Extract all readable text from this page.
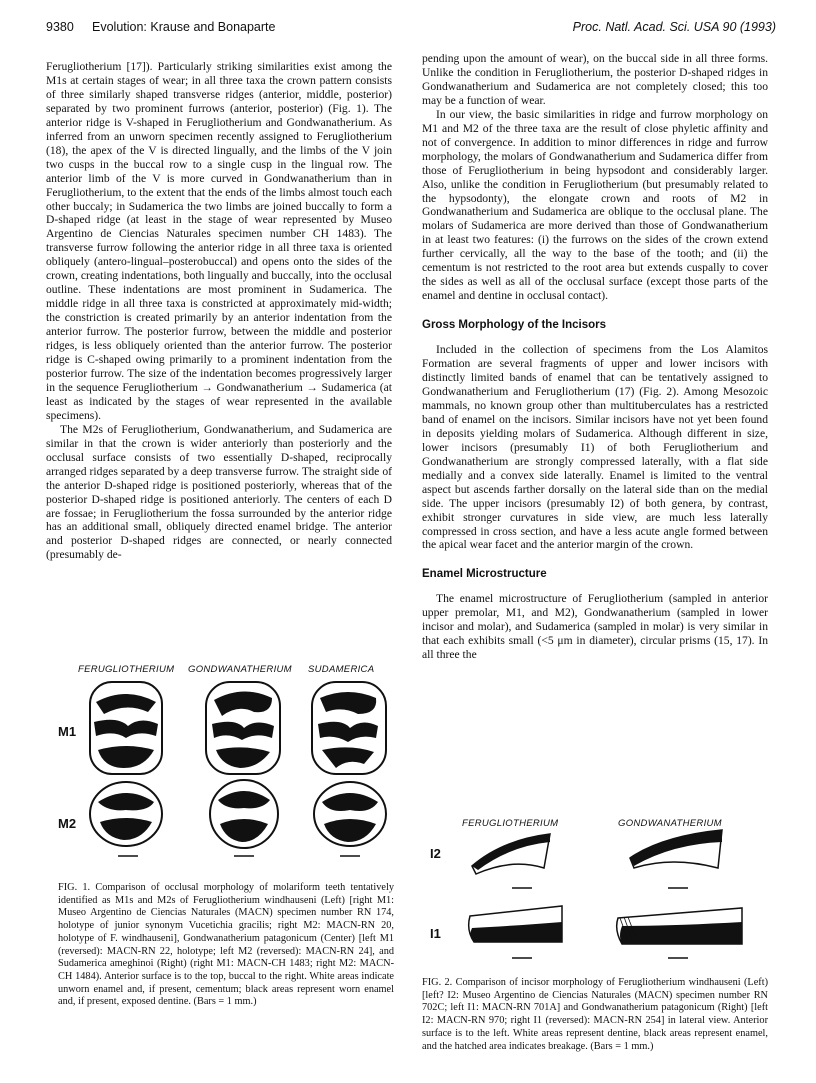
9380 Evolution: Krause and Bonaparte	Proc. Natl. Acad. Sci. USA 90 (1993)

Ferugliotherium [17]). Particularly striking similarities exist among the M1s at certain stages of wear; in all three taxa the crown pattern consists of three similarly shaped transverse ridges (anterior, middle, posterior) separated by two prominent furrows (anterior, posterior) (Fig. 1). The anterior ridge is V-shaped in Ferugliotherium and Gondwanatherium. As inferred from an unworn specimen recently assigned to Ferugliotherium (18), the apex of the V is directed lingually, and the limbs of the V join two cusps in the buccal row to a single cusp in the lingual row. The anterior limb of the V is more curved in Gondwanatherium than in Ferugliotherium, to the extent that the ends of the limbs almost touch each other buccaly; in Sudamerica the two limbs are joined buccally to form a D-shaped ridge (at least in the stage of wear represented by Museo Argentino de Ciencias Naturales specimen number CH 1483). The transverse furrow following the anterior ridge in all three taxa is oriented obliquely (antero-lingual–posterobuccal) and opens onto the sides of the crown, creating indentations, both lingually and buccally, into the occlusal outline. These indentations are most prominent in Sudamerica. The middle ridge in all three taxa is constricted at approximately mid-width; the constriction is created primarily by an anterior indentation from the anterior furrow. The posterior furrow, between the middle and posterior ridges, is less obliquely oriented than the anterior furrow. The posterior ridge is C-shaped owing primarily to a prominent indentation from the posterior furrow. The size of the indentation becomes progressively larger in the sequence Ferugliotherium → Gondwanatherium → Sudamerica (at least as indicated by the stages of wear represented in the available specimens).

The M2s of Ferugliotherium, Gondwanatherium, and Sudamerica are similar in that the crown is wider anteriorly than posteriorly and the occlusal surface consists of two essentially D-shaped, reciprocally arranged ridges separated by a deep transverse furrow. The straight side of the anterior D-shaped ridge is positioned posteriorly, whereas that of the posterior D-shaped ridge is positioned anteriorly. The centers of each D are fossae; in Ferugliotherium the fossa surrounded by the anterior ridge has an additional small, obliquely directed enamel bridge. The anterior and posterior D-shaped ridges are connected, or nearly connected (presumably de-

pending upon the amount of wear), on the buccal side in all three forms. Unlike the condition in Ferugliotherium, the posterior D-shaped ridges in Gondwanatherium and Sudamerica are not completely closed; this too may be a function of wear.

In our view, the basic similarities in ridge and furrow morphology on M1 and M2 of the three taxa are the result of close phyletic affinity and not of convergence. In addition to minor differences in ridge and furrow morphology, the molars of Gondwanatherium and Sudamerica differ from those of Ferugliotherium in being hypsodont and considerably larger. Also, unlike the condition in Ferugliotherium (but presumably related to the hypsodonty), the elongate crown and roots of M2 in Gondwanatherium and Sudamerica are oblique to the occlusal plane. The molars of Sudamerica are more derived than those of Gondwanatherium in at least two features: (i) the furrows on the sides of the crown extend further cervically, all the way to the base of the tooth; and (ii) the cementum is not restricted to the root area but extends cuspally to cover the sides as well as all of the occlusal surface (except those parts of the enamel and dentine in occlusal contact).

Gross Morphology of the Incisors

Included in the collection of specimens from the Los Alamitos Formation are several fragments of upper and lower incisors with distinctly limited bands of enamel that can be tentatively assigned to Gondwanatherium and Ferugliotherium (17) (Fig. 2). Among Mesozoic mammals, no known group other than multituberculates has a restricted band of enamel on the incisors. Similar incisors have not yet been found in deposits yielding molars of Sudamerica. Although different in size, lower incisors (presumably I1) of both Ferugliotherium and Gondwanatherium are strongly compressed laterally, with a flat side medially and a convex side laterally. Enamel is limited to the ventral aspect but ascends farther dorsally on the lateral side than on the medial side. The upper incisors (presumably I2) of both genera, by contrast, exhibit stronger curvatures in side view, are much less laterally compressed in cross section, and have a less acute angle formed between the apical wear facet and the anterior margin of the crown.

Enamel Microstructure

The enamel microstructure of Ferugliotherium (sampled in anterior upper premolar, M1, and M2), Gondwanatherium (sampled in lower incisor and molar), and Sudamerica (sampled in molar) is very similar in that each exhibits small (<5 μm in diameter), circular prisms (15, 17). In all three the

FERUGLIOTHERIUM GONDWANATHERIUM SUDAMERICA
M1
M2
FIG. 1. Comparison of occlusal morphology of molariform teeth tentatively identified as M1s and M2s of Ferugliotherium windhauseni (Left) [right M1: Museo Argentino de Ciencias Naturales (MACN) specimen number RN 174, holotype of junior synonym Vucetichia gracilis; right M2: MACN-RN 20, holotype of F. windhauseni], Gondwanatherium patagonicum (Center) [left M1 (reversed): MACN-RN 22, holotype; left M2 (reversed): MACN-RN 24], and Sudamerica ameghinoi (Right) (right M1: MACN-CH 1483; right M2: MACN-CH 1484). Anterior surface is to the top, buccal to the right. White areas indicate unworn enamel and, if present, cementum; black areas represent worn enamel and, if present, exposed dentine. (Bars = 1 mm.)
FERUGLIOTHERIUM	GONDWANATHERIUM
I2
I1
FIG. 2. Comparison of incisor morphology of Ferugliotherium windhauseni (Left) [left? I2: Museo Argentino de Ciencias Naturales (MACN) specimen number RN 702C; left I1: MACN-RN 701A] and Gondwanatherium patagonicum (Right) [left I2: MACN-RN 970; right I1 (reversed): MACN-RN 254] in lateral view. Anterior surface is to the left. White areas represent dentine, black areas represent enamel, and the hatched area indicates breakage. (Bars = 1 mm.)
